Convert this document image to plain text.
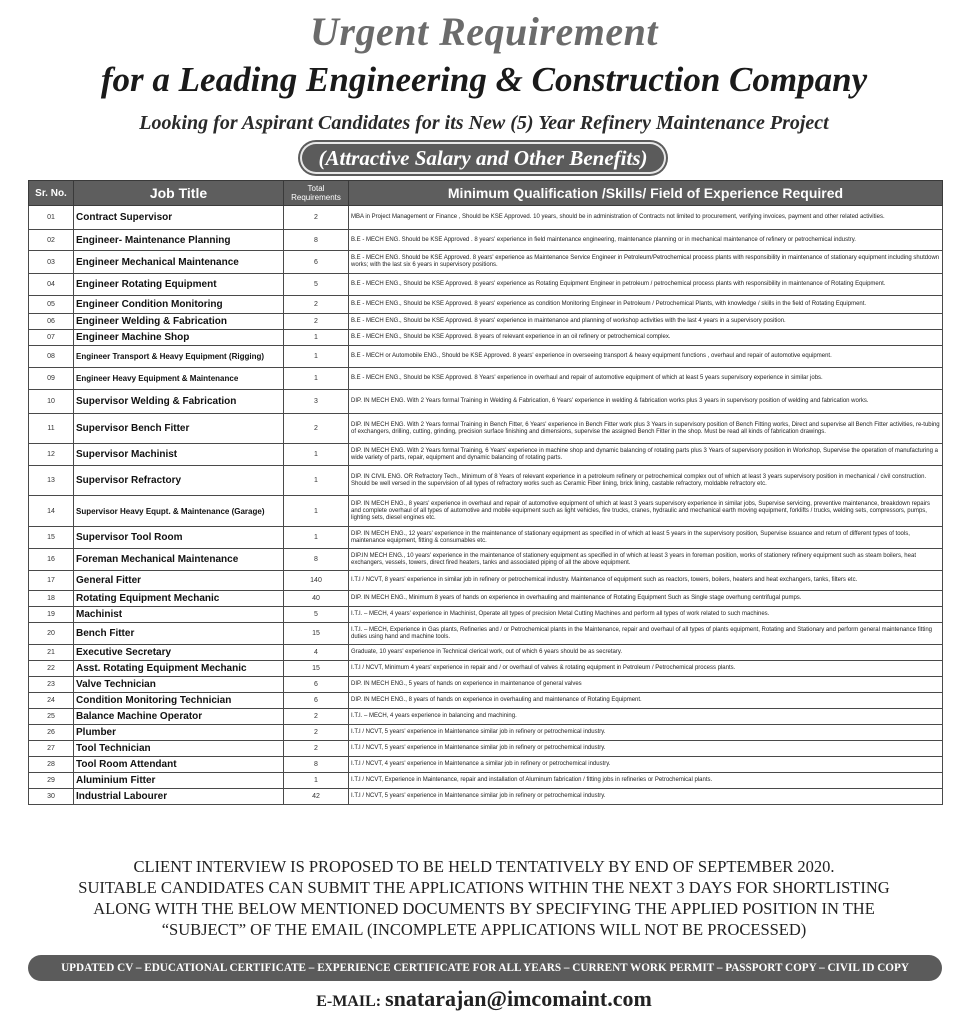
Urgent Requirement
for a Leading Engineering & Construction Company
Looking for Aspirant Candidates for its New (5) Year Refinery Maintenance Project
(Attractive Salary and Other Benefits)
Sr. No.	Job Title	Total Requirements	Minimum Qualification /Skills/ Field of Experience Required
01	Contract Supervisor	2	MBA in Project Management or Finance , Should be KSE Approved. 10 years, should be in administration of Contracts not limited to procurement, verifying invoices, payment and other related activities.
02	Engineer- Maintenance Planning	8	B.E - MECH ENG. Should be KSE Approved . 8 years' experience in field maintenance engineering, maintenance planning or in mechanical maintenance of refinery or petrochemical industry.
03	Engineer Mechanical Maintenance	6	B.E - MECH ENG. Should be KSE Approved. 8 years' experience as Maintenance Service Engineer in Petroleum/Petrochemical process plants with responsibility in maintenance of stationary equipment including shutdown works; with the last six 6 years in supervisory positions.
04	Engineer Rotating Equipment	5	B.E - MECH ENG., Should be KSE Approved. 8 years' experience as Rotating Equipment Engineer in petroleum / petrochemical process plants with responsibility in maintenance of Rotating Equipment.
05	Engineer Condition Monitoring	2	B.E - MECH ENG., Should be KSE Approved. 8 years' experience as condition Monitoring Engineer in Petroleum / Petrochemical Plants, with knowledge / skills in the field of Rotating Equipment.
06	Engineer Welding & Fabrication	2	B.E - MECH ENG., Should be KSE Approved. 8 years' experience in maintenance and planning of workshop activities with the last 4 years in a supervisory position.
07	Engineer Machine Shop	1	B.E - MECH ENG., Should be KSE Approved. 8 years of relevant experience in an oil refinery or petrochemical complex.
08	Engineer Transport & Heavy Equipment (Rigging)	1	B.E - MECH or Automobile ENG., Should be KSE Approved. 8 years' experience in overseeing transport & heavy equipment functions , overhaul and repair of automotive equipment.
09	Engineer Heavy Equipment & Maintenance	1	B.E - MECH ENG., Should be KSE Approved. 8 Years' experience in overhaul and repair of automotive equipment of which at least 5 years supervisory experience in similar jobs.
10	Supervisor Welding & Fabrication	3	DIP. IN MECH ENG. With 2 Years formal Training in Welding & Fabrication, 6 Years' experience in welding & fabrication works plus 3 years in supervisory position of welding and fabrication works.
11	Supervisor Bench Fitter	2	DIP. IN MECH ENG. With 2 Years formal Training in Bench Fitter, 6 Years' experience in Bench Fitter work plus 3 Years in supervisory position of Bench Fitting works, Direct and supervise all Bench Fitter activities, re-tubing of exchangers, drilling, cutting, grinding, precision surface finishing and dimensions, supervise the assigned Bench Fitter in the shop. Must be read all kinds of fabrication drawings.
12	Supervisor Machinist	1	DIP. IN MECH ENG. With 2 Years formal Training, 6 Years' experience in machine shop and dynamic balancing of rotating parts plus 3 Years of supervisory position in Workshop, Supervise the operation of manufacturing a wide variety of parts, repair, equipment and dynamic balancing of rotating parts.
13	Supervisor Refractory	1	DIP. IN CIVIL ENG. OR Refractory Tech., Minimum of 8 Years of relevant experience in a petroleum refinery or petrochemical complex out of which at least 3 years supervisory position in mechanical / civil construction. Should be well versed in the supervision of all types of refractory works such as Ceramic Fiber lining, brick lining, castable refractory, moldable refractory etc.
14	Supervisor Heavy Equpt. & Maintenance (Garage)	1	DIP. IN MECH ENG., 8 years' experience in overhaul and repair of automotive equipment of which at least 3 years supervisory experience in similar jobs, Supervise servicing, preventive maintenance, breakdown repairs and complete overhaul of all types of automotive and mobile equipment such as light vehicles, fire trucks, cranes, hydraulic and mechanical earth moving equipment, forklifts / trucks, welding sets, compressors, pumps, lighting sets, diesel engines etc.
15	Supervisor Tool Room	1	DIP. IN MECH ENG., 12 years' experience in the maintenance of stationary equipment as specified in of which at least 5 years in the supervisory position, Supervise issuance and return of different types of tools, maintenance equipment, fitting & consumables etc.
16	Foreman Mechanical Maintenance	8	DIP.IN MECH ENG., 10 years' experience in the maintenance of stationery equipment as specified in of which at least 3 years in foreman position, works of stationery refinery equipment such as steam boilers, heat exchangers, vessels, towers, direct fired heaters, tanks and associated piping of all the above equipment.
17	General Fitter	140	I.T.I / NCVT, 8 years' experience in similar job in refinery or petrochemical industry. Maintenance of equipment such as reactors, towers, boilers, heaters and heat exchangers, tanks, filters etc.
18	Rotating Equipment Mechanic	40	DIP. IN MECH ENG., Minimum 8 years of hands on experience in overhauling and maintenance of Rotating Equipment Such as Single stage overhung centrifugal pumps.
19	Machinist	5	I.T.I. – MECH, 4 years' experience in Machinist, Operate all types of precision Metal Cutting Machines and perform all types of work related to such machines.
20	Bench Fitter	15	I.T.I. – MECH, Experience in Gas plants, Refineries and / or Petrochemical plants in the Maintenance, repair and overhaul of all types of plants equipment, Rotating and Stationary and perform general maintenance fitting duties using hand and machine tools.
21	Executive Secretary	4	Graduate, 10 years' experience in Technical clerical work, out of which 6 years should be as secretary.
22	Asst. Rotating Equipment Mechanic	15	I.T.I / NCVT, Minimum 4 years' experience in repair and / or overhaul of valves & rotating equipment in Petroleum / Petrochemical process plants.
23	Valve Technician	6	DIP. IN MECH ENG., 5 years of hands on experience in maintenance of general valves
24	Condition Monitoring Technician	6	DIP. IN MECH ENG., 8 years of hands on experience in overhauling and maintenance of Rotating Equipment.
25	Balance Machine Operator	2	I.T.I. – MECH, 4 years experience in balancing and machining.
26	Plumber	2	I.T.I / NCVT, 5 years' experience in Maintenance similar job in refinery or petrochemical industry.
27	Tool Technician	2	I.T.I / NCVT, 5 years' experience in Maintenance similar job in refinery or petrochemical industry.
28	Tool Room Attendant	8	I.T.I / NCVT, 4 years' experience in Maintenance a similar job in refinery or petrochemical industry.
29	Aluminium Fitter	1	I.T.I / NCVT, Experience in Maintenance, repair and installation of Aluminum fabrication / fitting jobs in refineries or Petrochemical plants.
30	Industrial Labourer	42	I.T.I / NCVT, 5 years' experience in Maintenance similar job in refinery or petrochemical industry.
CLIENT INTERVIEW IS PROPOSED TO BE HELD TENTATIVELY BY END OF SEPTEMBER 2020.
SUITABLE CANDIDATES CAN SUBMIT THE APPLICATIONS WITHIN THE NEXT 3 DAYS FOR SHORTLISTING
ALONG WITH THE BELOW MENTIONED DOCUMENTS BY SPECIFYING THE APPLIED POSITION IN THE
“SUBJECT” OF THE EMAIL (INCOMPLETE APPLICATIONS WILL NOT BE PROCESSED)
UPDATED CV – EDUCATIONAL CERTIFICATE – EXPERIENCE CERTIFICATE FOR ALL YEARS – CURRENT WORK PERMIT – PASSPORT COPY – CIVIL ID COPY
E-MAIL: snatarajan@imcomaint.com
